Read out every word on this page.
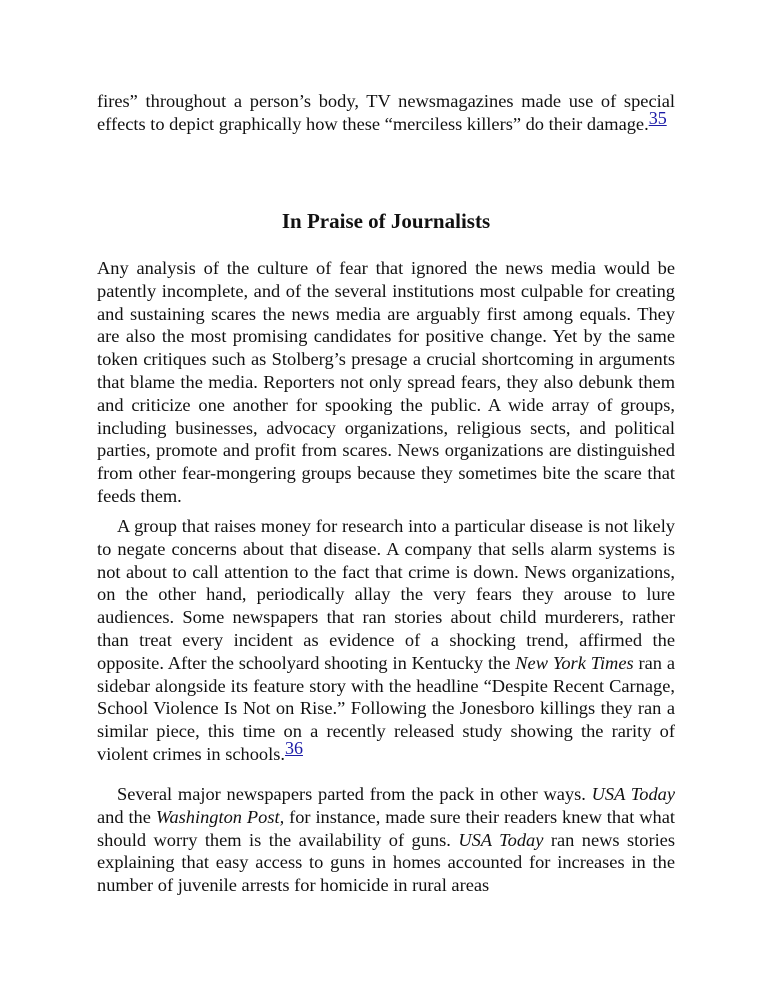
fires” throughout a person’s body, TV newsmagazines made use of special effects to depict graphically how these “merciless killers” do their damage.35

In Praise of Journalists

Any analysis of the culture of fear that ignored the news media would be patently incomplete, and of the several institutions most culpable for creating and sustaining scares the news media are arguably first among equals. They are also the most promising candidates for positive change. Yet by the same token critiques such as Stolberg’s presage a crucial shortcoming in arguments that blame the media. Reporters not only spread fears, they also debunk them and criticize one another for spooking the public. A wide array of groups, including businesses, advocacy organizations, religious sects, and political parties, promote and profit from scares. News organizations are distinguished from other fear-mongering groups because they sometimes bite the scare that feeds them.

A group that raises money for research into a particular disease is not likely to negate concerns about that disease. A company that sells alarm systems is not about to call attention to the fact that crime is down. News organizations, on the other hand, periodically allay the very fears they arouse to lure audiences. Some newspapers that ran stories about child murderers, rather than treat every incident as evidence of a shocking trend, affirmed the opposite. After the schoolyard shooting in Kentucky the New York Times ran a sidebar alongside its feature story with the headline “Despite Recent Carnage, School Violence Is Not on Rise.” Following the Jonesboro killings they ran a similar piece, this time on a recently released study showing the rarity of violent crimes in schools.36

Several major newspapers parted from the pack in other ways. USA Today and the Washington Post, for instance, made sure their readers knew that what should worry them is the availability of guns. USA Today ran news stories explaining that easy access to guns in homes accounted for increases in the number of juvenile arrests for homicide in rural areas
